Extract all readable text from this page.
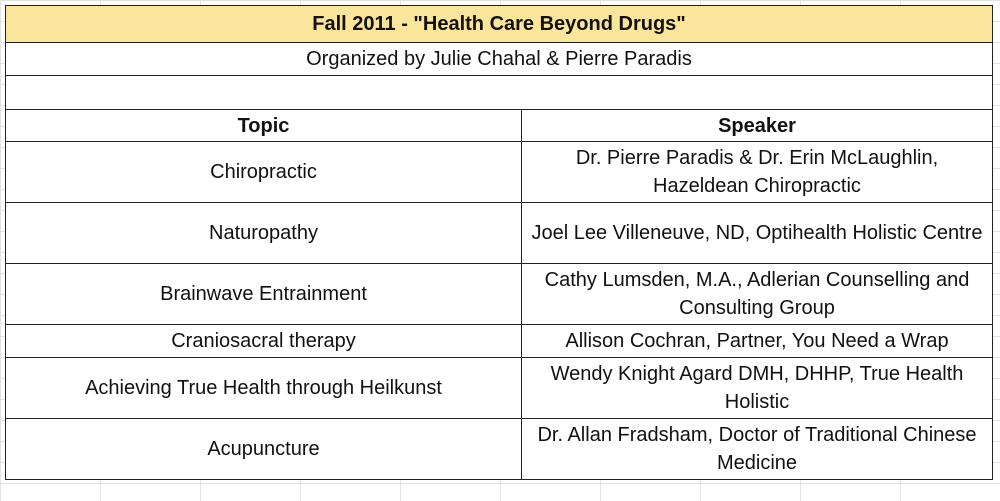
Fall 2011 - "Health Care Beyond Drugs"	
Organized by Julie Chahal & Pierre Paradis	

Topic	Speaker
Chiropractic	Dr. Pierre Paradis & Dr. Erin McLaughlin, Hazeldean Chiropractic
Naturopathy	Joel Lee Villeneuve, ND, Optihealth Holistic Centre
Brainwave Entrainment	Cathy Lumsden, M.A., Adlerian Counselling and Consulting Group
Craniosacral therapy	Allison Cochran, Partner, You Need a Wrap
Achieving True Health through Heilkunst	Wendy Knight Agard DMH, DHHP, True Health Holistic
Acupuncture	Dr. Allan Fradsham, Doctor of Traditional Chinese Medicine
